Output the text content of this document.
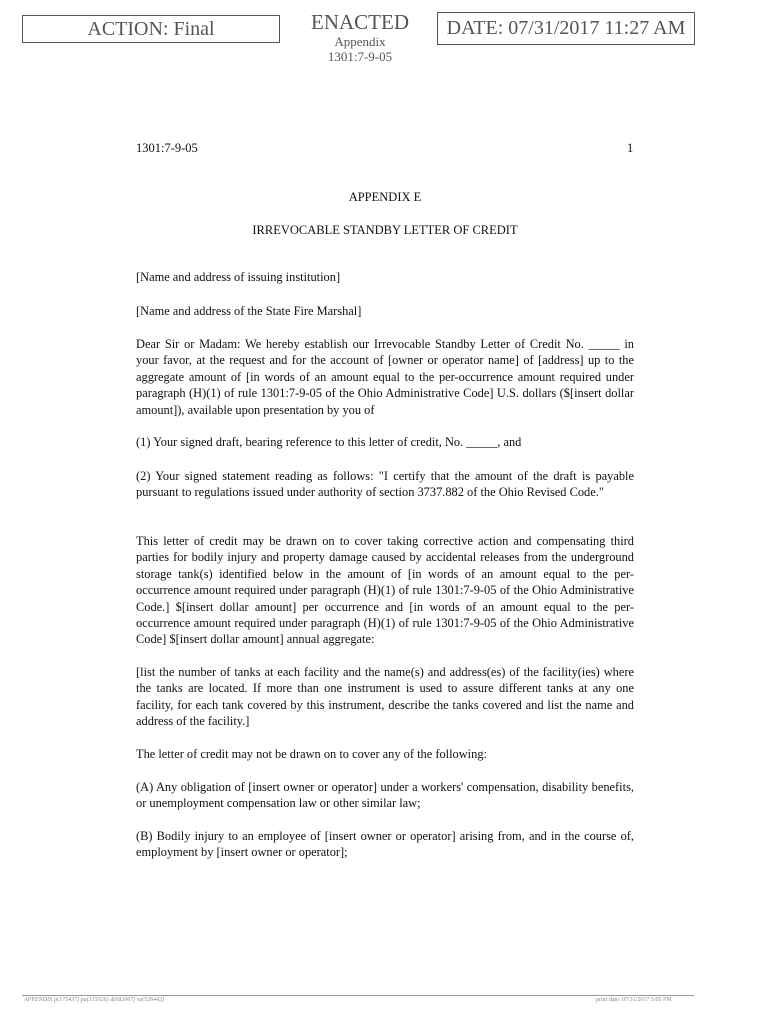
ACTION: Final	ENACTED
Appendix
1301:7-9-05
DATE: 07/31/2017 11:27 AM
1301:7-9-05	1
APPENDIX E
IRREVOCABLE STANDBY LETTER OF CREDIT
[Name and address of issuing institution]
[Name and address of the State Fire Marshal]
Dear Sir or Madam: We hereby establish our Irrevocable Standby Letter of Credit No. _____ in your favor, at the request and for the account of [owner or operator name] of [address] up to the aggregate amount of [in words of an amount equal to the per-occurrence amount required under paragraph (H)(1) of rule 1301:7-9-05 of the Ohio Administrative Code] U.S. dollars ($[insert dollar amount]), available upon presentation by you of
(1) Your signed draft, bearing reference to this letter of credit, No. _____, and
(2) Your signed statement reading as follows: "I certify that the amount of the draft is payable pursuant to regulations issued under authority of section 3737.882 of the Ohio Revised Code."
This letter of credit may be drawn on to cover taking corrective action and compensating third parties for bodily injury and property damage caused by accidental releases from the underground storage tank(s) identified below in the amount of [in words of an amount equal to the per-occurrence amount required under paragraph (H)(1) of rule 1301:7-9-05 of the Ohio Administrative Code.] $[insert dollar amount] per occurrence and [in words of an amount equal to the per-occurrence amount required under paragraph (H)(1) of rule 1301:7-9-05 of the Ohio Administrative Code] $[insert dollar amount] annual aggregate:
[list the number of tanks at each facility and the name(s) and address(es) of the facility(ies) where the tanks are located. If more than one instrument is used to assure different tanks at any one facility, for each tank covered by this instrument, describe the tanks covered and list the name and address of the facility.]
The letter of credit may not be drawn on to cover any of the following:
(A) Any obligation of [insert owner or operator] under a workers' compensation, disability benefits, or unemployment compensation law or other similar law;
(B) Bodily injury to an employee of [insert owner or operator] arising from, and in the course of, employment by [insert owner or operator];
APPENDIX p(175437) pa(315926) d(682067) ra(526442)	print date: 07/31/2017 5:05 PM
